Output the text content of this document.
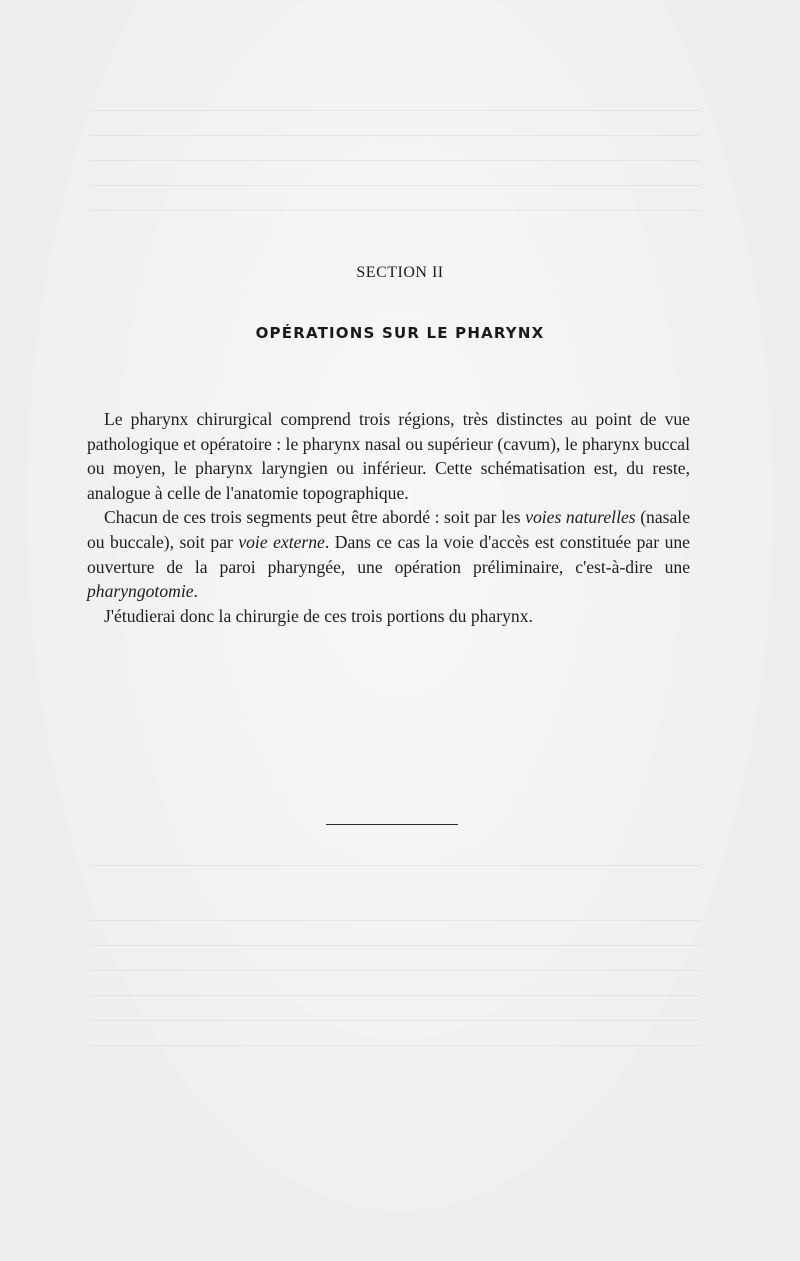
SECTION II
OPÉRATIONS SUR LE PHARYNX

Le pharynx chirurgical comprend trois régions, très distinctes au point de vue pathologique et opératoire : le pharynx nasal ou supérieur (cavum), le pharynx buccal ou moyen, le pharynx laryngien ou inférieur. Cette schématisation est, du reste, analogue à celle de l'anatomie topographique.

Chacun de ces trois segments peut être abordé : soit par les voies naturelles (nasale ou buccale), soit par voie externe. Dans ce cas la voie d'accès est constituée par une ouverture de la paroi pharyngée, une opération préliminaire, c'est-à-dire une pharyngotomie.

J'étudierai donc la chirurgie de ces trois portions du pharynx.
